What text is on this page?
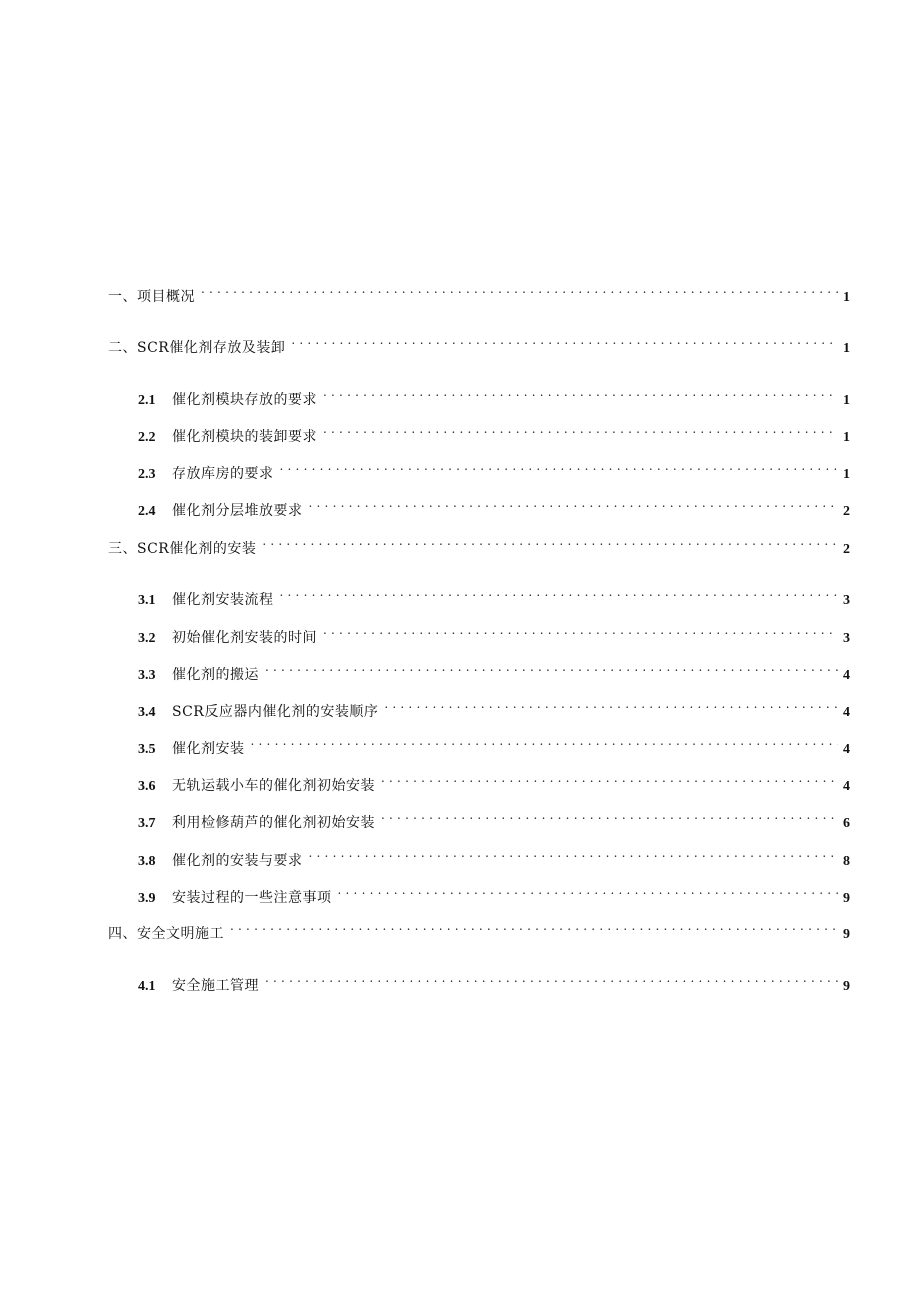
一、项目概况 . . .	1
二、SCR催化剂存放及装卸 . . .	1
2.1	催化剂模块存放的要求 . . .	1
2.2	催化剂模块的装卸要求 . . .	1
2.3	存放库房的要求 . . .	1
2.4	催化剂分层堆放要求 . . .	2
三、SCR催化剂的安装 . . .	2
3.1	催化剂安装流程 . . .	3
3.2	初始催化剂安装的时间 . . .	3
3.3	催化剂的搬运 . . .	4
3.4	SCR反应器内催化剂的安装顺序 . . .	4
3.5	催化剂安装 . . .	4
3.6	无轨运载小车的催化剂初始安装 . . .	4
3.7	利用检修葫芦的催化剂初始安装 . . .	6
3.8	催化剂的安装与要求 . . .	8
3.9	安装过程的一些注意事项 . . .	9
四、安全文明施工 . . .	9
4.1	安全施工管理 . . .	9
